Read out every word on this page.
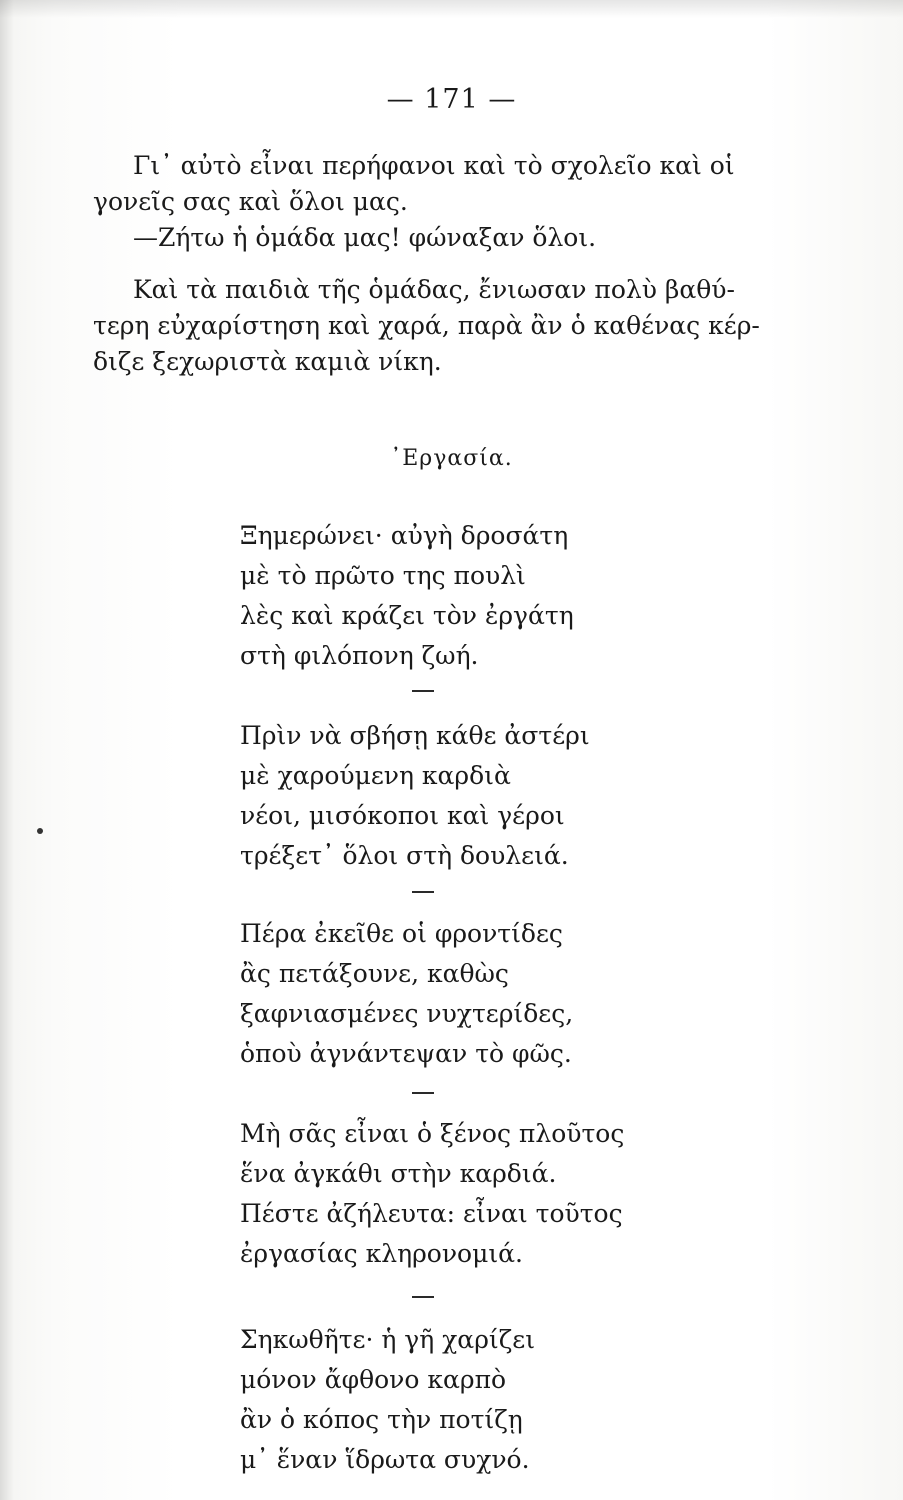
— 171 —
Γι᾽ αὐτὸ εἶναι περήφανοι καὶ τὸ σχολεῖο καὶ οἱ
γονεῖς σας καὶ ὅλοι μας.
—Ζήτω ἡ ὁμάδα μας! φώναξαν ὅλοι.
Καὶ τὰ παιδιὰ τῆς ὁμάδας, ἔνιωσαν πολὺ βαθύ-
τερη εὐχαρίστηση καὶ χαρά, παρὰ ἂν ὁ καθένας κέρ-
διζε ξεχωριστὰ καμιὰ νίκη.
᾽Εργασία.
Ξημερώνει· αὐγὴ δροσάτη
μὲ τὸ πρῶτο της πουλὶ
λὲς καὶ κράζει τὸν ἐργάτη
στὴ φιλόπονη ζωή.
Πρὶν νὰ σβήσῃ κάθε ἀστέρι
μὲ χαρούμενη καρδιὰ
νέοι, μισόκοποι καὶ γέροι
τρέξετ᾽ ὅλοι στὴ δουλειά.
Πέρα ἐκεῖθε οἱ φροντίδες
ἂς πετάξουνε, καθὼς
ξαφνιασμένες νυχτερίδες,
ὁποὺ ἀγνάντεψαν τὸ φῶς.
Μὴ σᾶς εἶναι ὁ ξένος πλοῦτος
ἕνα ἀγκάθι στὴν καρδιά.
Πέστε ἀζήλευτα: εἶναι τοῦτος
ἐργασίας κληρονομιά.
Σηκωθῆτε· ἡ γῆ χαρίζει
μόνον ἄφθονο καρπὸ
ἂν ὁ κόπος τὴν ποτίζῃ
μ᾽ ἕναν ἵδρωτα συχνό.
